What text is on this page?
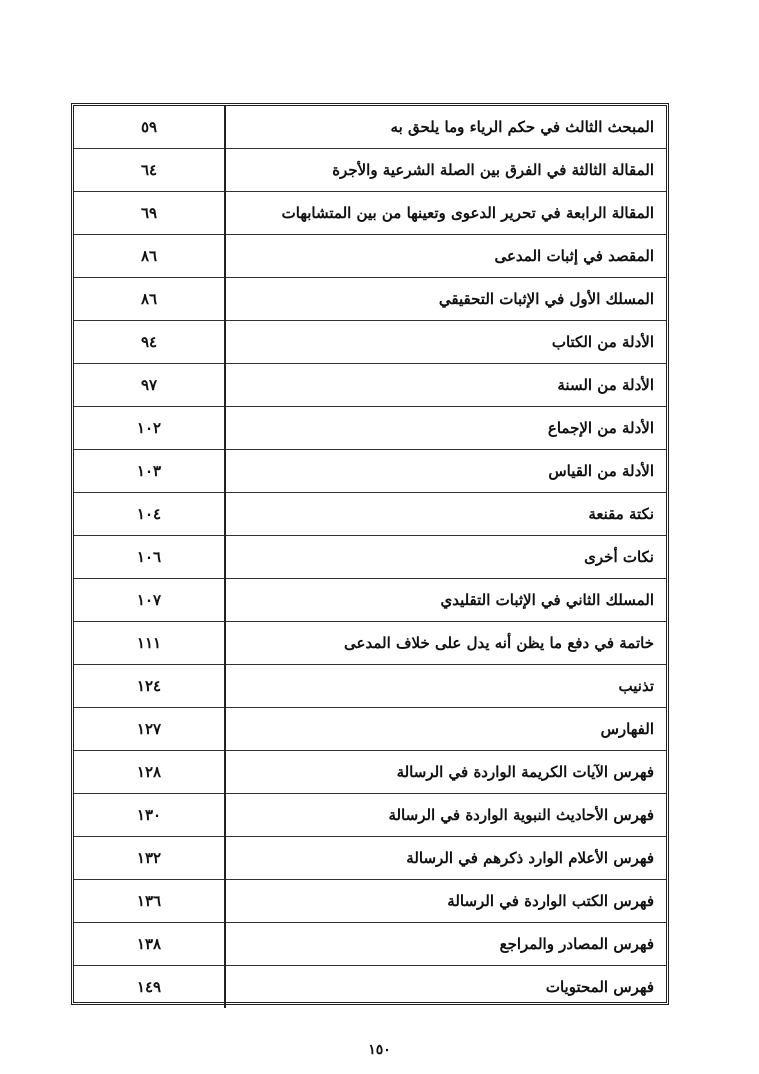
المبحث الثالث في حكم الرياء وما يلحق به	٥٩
المقالة الثالثة في الفرق بين الصلة الشرعية والأجرة	٦٤
المقالة الرابعة في تحرير الدعوى وتعينها من بين المتشابهات	٦٩
المقصد في إثبات المدعى	٨٦
المسلك الأول في الإثبات التحقيقي	٨٦
الأدلة من الكتاب	٩٤
الأدلة من السنة	٩٧
الأدلة من الإجماع	١٠٢
الأدلة من القياس	١٠٣
نكتة مقنعة	١٠٤
نكات أخرى	١٠٦
المسلك الثاني في الإثبات التقليدي	١٠٧
خاتمة في دفع ما يظن أنه يدل على خلاف المدعى	١١١
تذنيب	١٢٤
الفهارس	١٢٧
فهرس الآيات الكريمة الواردة في الرسالة	١٢٨
فهرس الأحاديث النبوية الواردة في الرسالة	١٣٠
فهرس الأعلام الوارد ذكرهم في الرسالة	١٣٢
فهرس الكتب الواردة في الرسالة	١٣٦
فهرس المصادر والمراجع	١٣٨
فهرس المحتويات	١٤٩
١٥٠
